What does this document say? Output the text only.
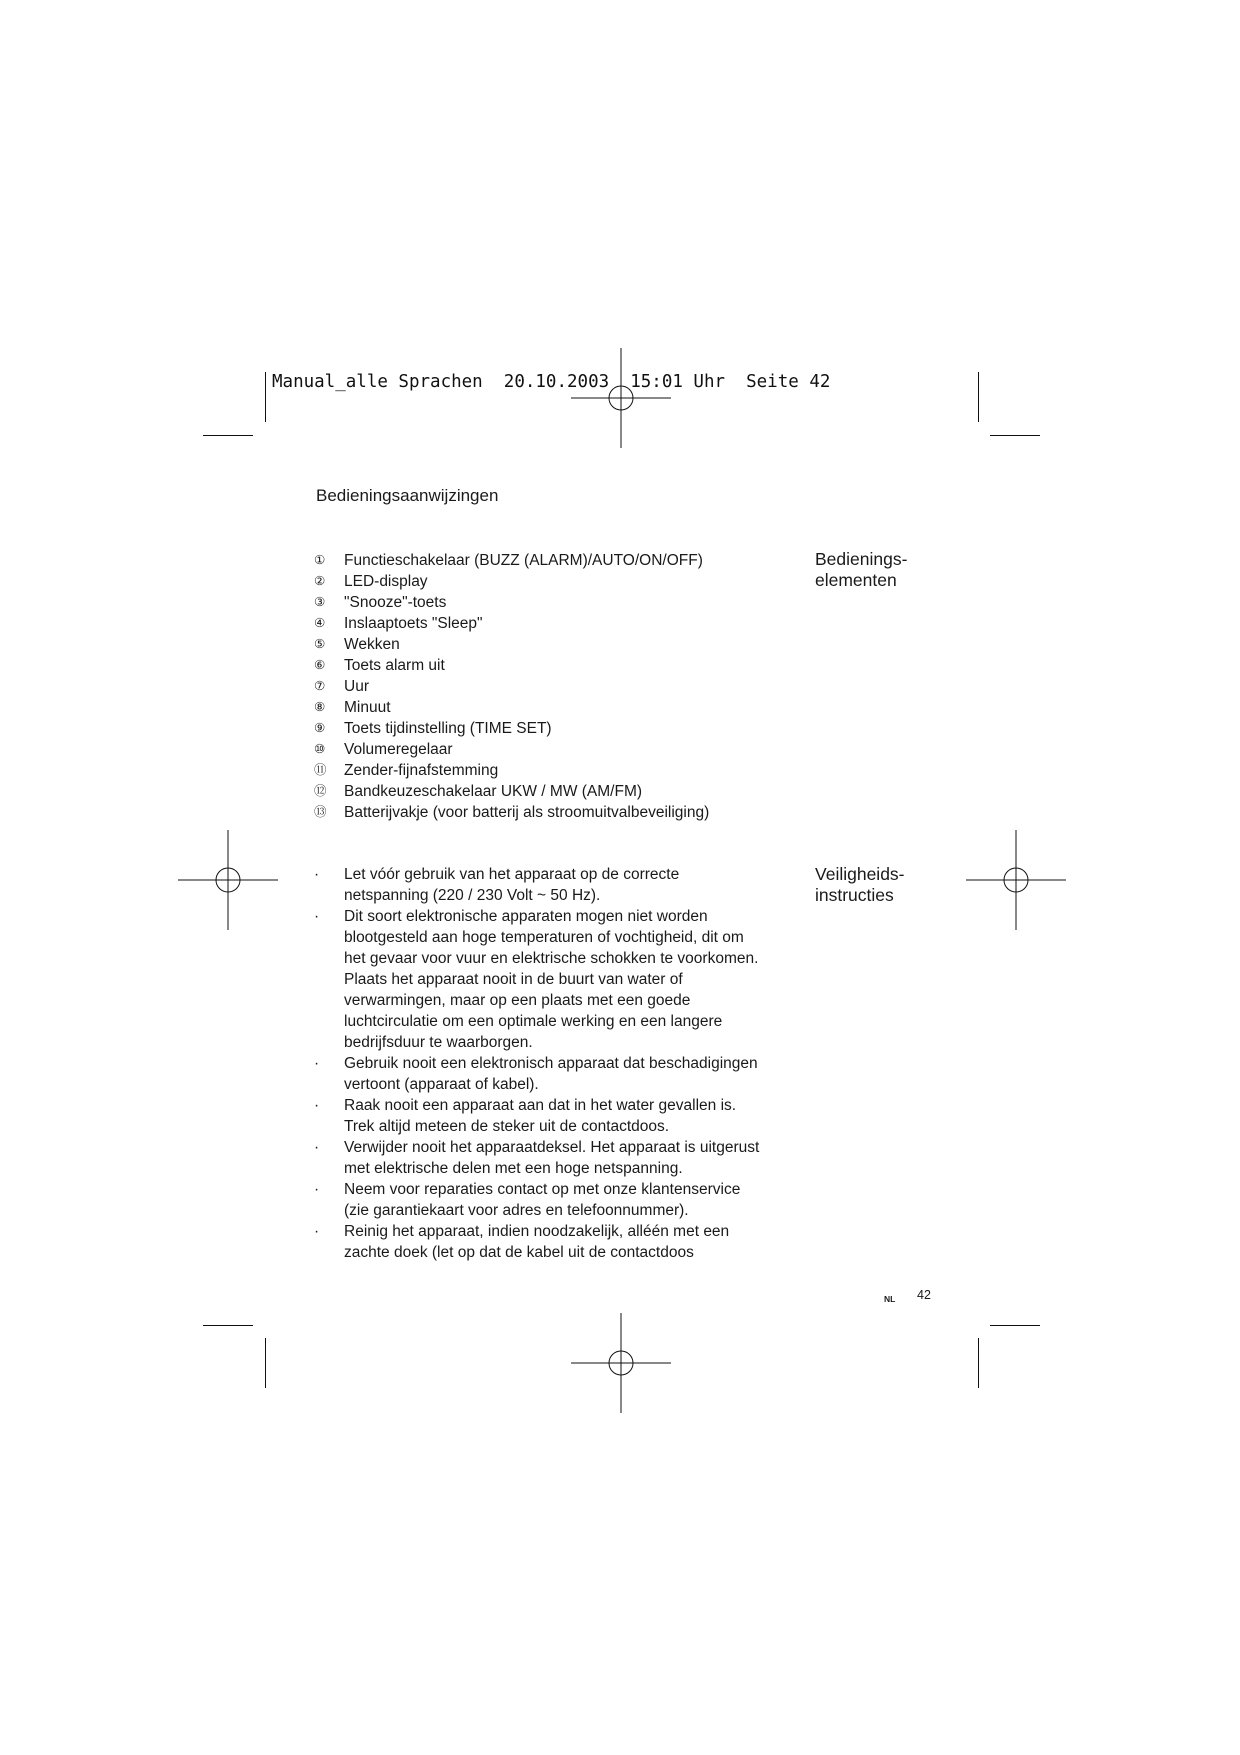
Manual_alle Sprachen  20.10.2003  15:01 Uhr  Seite 42
Bedieningsaanwijzingen
①	Functieschakelaar (BUZZ (ALARM)/AUTO/ON/OFF)
②	LED-display
③	"Snooze"-toets
④	Inslaaptoets "Sleep"
⑤	Wekken
⑥	Toets alarm uit
⑦	Uur
⑧	Minuut
⑨	Toets tijdinstelling (TIME SET)
⑩	Volumeregelaar
⑪	Zender-fijnafstemming
⑫	Bandkeuzeschakelaar UKW / MW (AM/FM)
⑬	Batterijvakje (voor batterij als stroomuitvalbeveiliging)
Bedienings-
elementen
·	Let vóór gebruik van het apparaat op de correcte
netspanning (220 / 230 Volt ~ 50 Hz).
·	Dit soort elektronische apparaten mogen niet worden
blootgesteld aan hoge temperaturen of vochtigheid, dit om
het gevaar voor vuur en elektrische schokken te voorkomen.
Plaats het apparaat nooit in de buurt van water of
verwarmingen, maar op een plaats met een goede
luchtcirculatie om een optimale werking en een langere
bedrijfsduur te waarborgen.
·	Gebruik nooit een elektronisch apparaat dat beschadigingen
vertoont (apparaat of kabel).
·	Raak nooit een apparaat aan dat in het water gevallen is.
Trek altijd meteen de steker uit de contactdoos.
·	Verwijder nooit het apparaatdeksel. Het apparaat is uitgerust
met elektrische delen met een hoge netspanning.
·	Neem voor reparaties contact op met onze klantenservice
(zie garantiekaart voor adres en telefoonnummer).
·	Reinig het apparaat, indien noodzakelijk, alléén met een
zachte doek (let op dat de kabel uit de contactdoos
Veiligheids-
instructies
NL 42
